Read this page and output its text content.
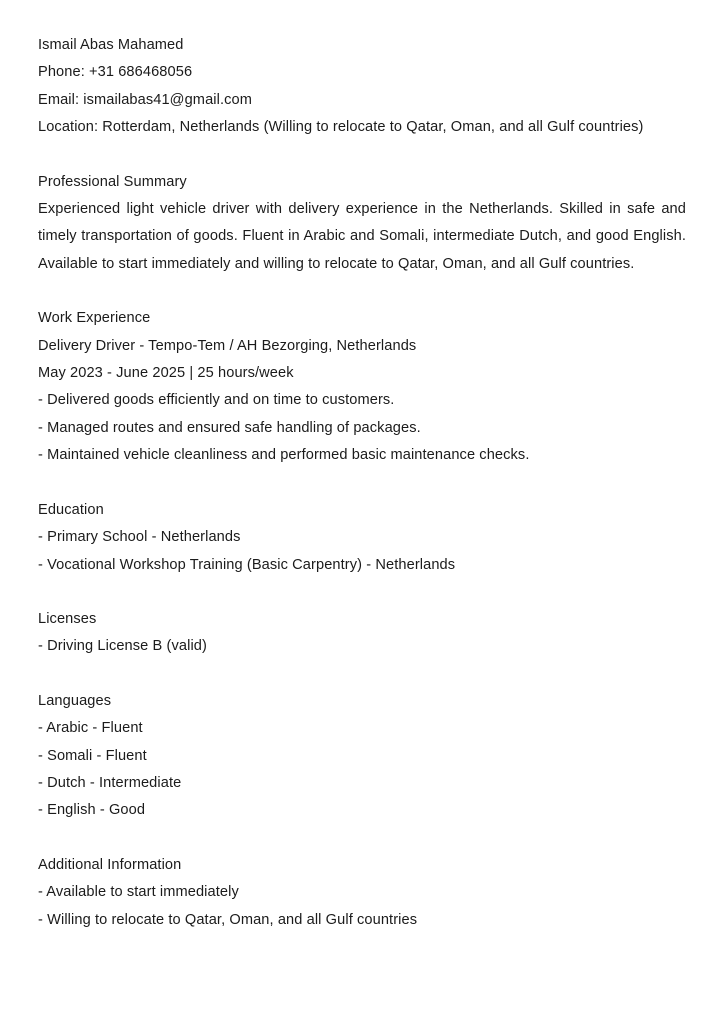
Ismail Abas Mahamed
Phone: +31 686468056
Email: ismailabas41@gmail.com
Location: Rotterdam, Netherlands (Willing to relocate to Qatar, Oman, and all Gulf countries)
Professional Summary
Experienced light vehicle driver with delivery experience in the Netherlands. Skilled in safe and timely transportation of goods. Fluent in Arabic and Somali, intermediate Dutch, and good English. Available to start immediately and willing to relocate to Qatar, Oman, and all Gulf countries.
Work Experience
Delivery Driver - Tempo-Tem / AH Bezorging, Netherlands
May 2023 - June 2025 | 25 hours/week
- Delivered goods efficiently and on time to customers.
- Managed routes and ensured safe handling of packages.
- Maintained vehicle cleanliness and performed basic maintenance checks.
Education
- Primary School - Netherlands
- Vocational Workshop Training (Basic Carpentry) - Netherlands
Licenses
- Driving License B (valid)
Languages
- Arabic - Fluent
- Somali - Fluent
- Dutch - Intermediate
- English - Good
Additional Information
- Available to start immediately
- Willing to relocate to Qatar, Oman, and all Gulf countries
